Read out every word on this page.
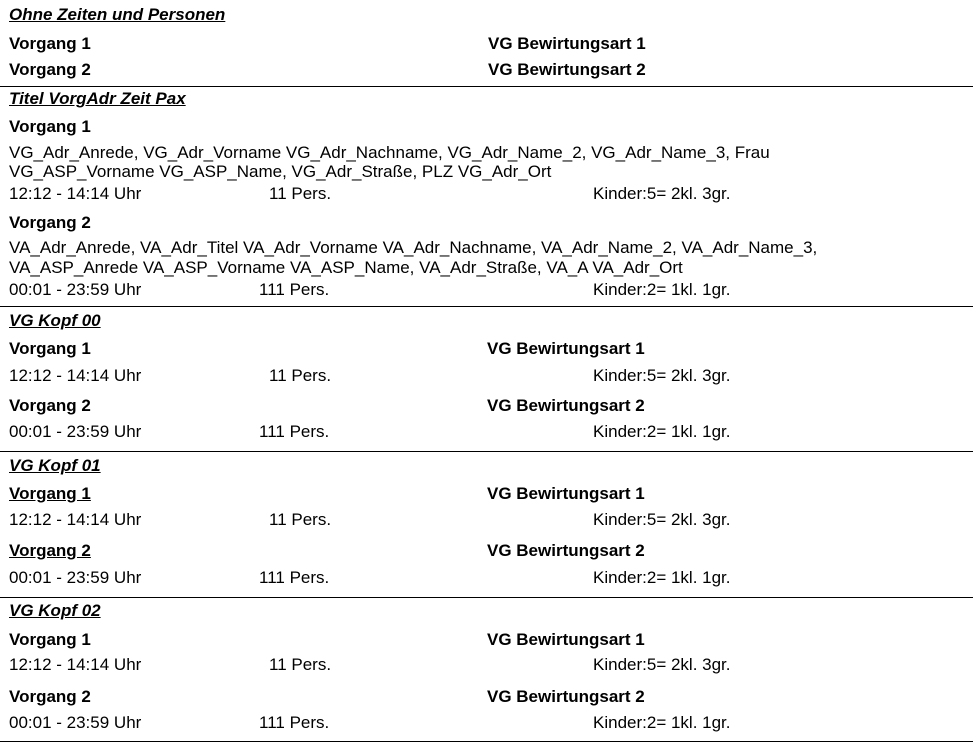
Ohne Zeiten und Personen
Vorgang 1	VG Bewirtungsart 1
Vorgang 2	VG Bewirtungsart 2
Titel VorgAdr Zeit Pax
Vorgang 1
VG_Adr_Anrede, VG_Adr_Vorname VG_Adr_Nachname, VG_Adr_Name_2, VG_Adr_Name_3, Frau
VG_ASP_Vorname VG_ASP_Name, VG_Adr_Straße, PLZ VG_Adr_Ort
12:12 - 14:14 Uhr	11 Pers.	Kinder:5= 2kl. 3gr.
Vorgang 2
VA_Adr_Anrede, VA_Adr_Titel VA_Adr_Vorname VA_Adr_Nachname, VA_Adr_Name_2, VA_Adr_Name_3,
VA_ASP_Anrede VA_ASP_Vorname VA_ASP_Name, VA_Adr_Straße, VA_A VA_Adr_Ort
00:01 - 23:59 Uhr	111 Pers.	Kinder:2= 1kl. 1gr.
VG Kopf 00
Vorgang 1	VG Bewirtungsart 1
12:12 - 14:14 Uhr	11 Pers.	Kinder:5= 2kl. 3gr.
Vorgang 2	VG Bewirtungsart 2
00:01 - 23:59 Uhr	111 Pers.	Kinder:2= 1kl. 1gr.
VG Kopf 01
Vorgang 1	VG Bewirtungsart 1
12:12 - 14:14 Uhr	11 Pers.	Kinder:5= 2kl. 3gr.
Vorgang 2	VG Bewirtungsart 2
00:01 - 23:59 Uhr	111 Pers.	Kinder:2= 1kl. 1gr.
VG Kopf 02
Vorgang 1	VG Bewirtungsart 1
12:12 - 14:14 Uhr	11 Pers.	Kinder:5= 2kl. 3gr.
Vorgang 2	VG Bewirtungsart 2
00:01 - 23:59 Uhr	111 Pers.	Kinder:2= 1kl. 1gr.
